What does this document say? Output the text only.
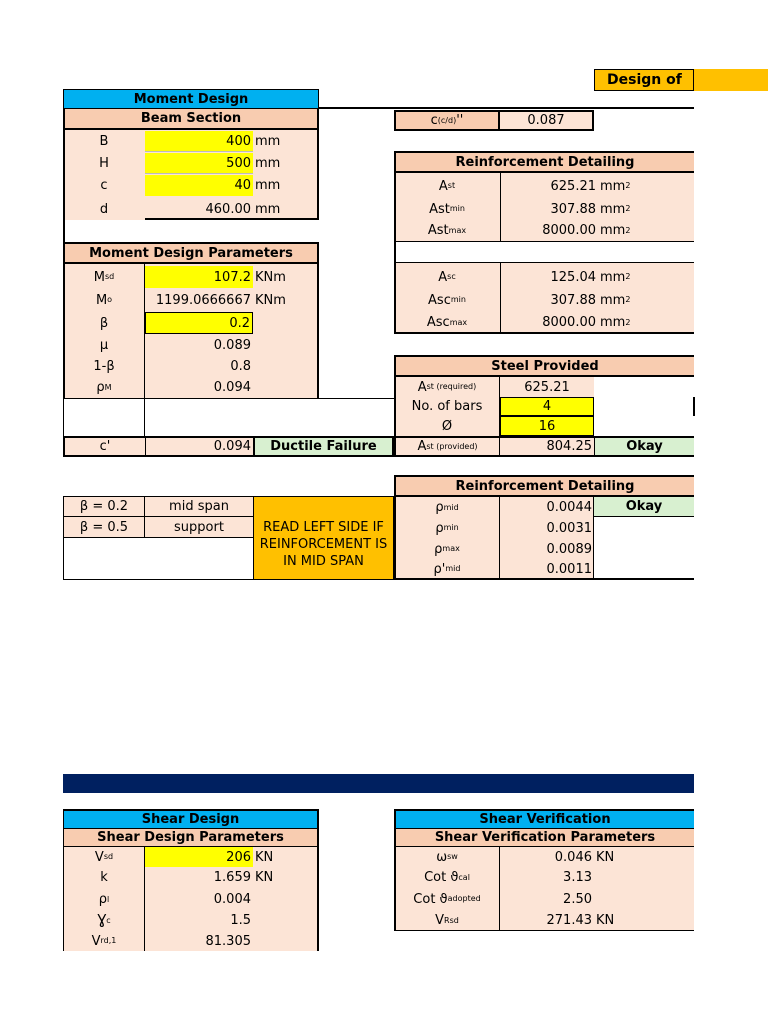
Design of
Moment Design
Beam Section
B	400 mm
H	500 mm
c	40 mm
d	460.00 mm
Moment Design Parameters
M sd	107.2 KNm
M o	1199.0666667 KNm
β	0.2
μ	0.089
1-β	0.8
ρ M	0.094
c'	0.094	Ductile Failure
c (c/d) ''	0.087
Reinforcement Detailing
A st	625.21 mm 2
Ast min	307.88 mm 2
Ast max	8000.00 mm 2
A sc	125.04 mm 2
Asc min	307.88 mm 2
Asc max	8000.00 mm 2
Steel Provided
A st (required)	625.21
No. of bars	4
Ø	16
A st (provided)	804.25	Okay
β = 0.2	mid span
β = 0.5	support	READ LEFT SIDE IF REINFORCEMENT IS IN MID SPAN
Reinforcement Detailing
ρ mid	0.0044	Okay
ρ min	0.0031
ρ max	0.0089
ρ' mid	0.0011
Shear Design
Shear Design Parameters
V sd	206 KN
k	1.659 KN
ρ l	0.004
Ɣ c	1.5
V rd,1	81.305
Shear Verification
Shear Verification Parameters
ω sw	0.046 KN
Cot ϑ cal	3.13
Cot ϑ adopted	2.50
V Rsd	271.43 KN
